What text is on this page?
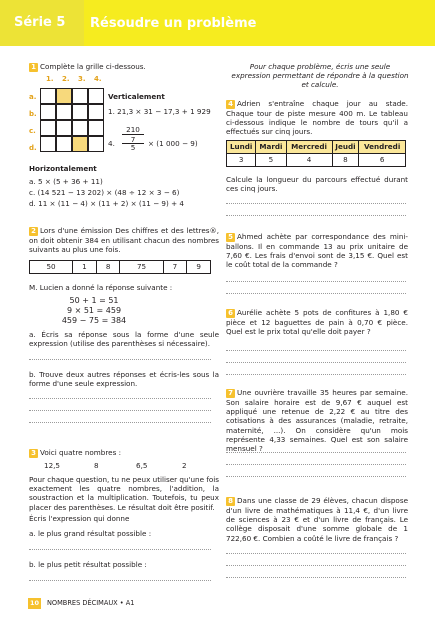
Série 5	Résoudre un problème
1 Complète la grille ci-dessous.
1. 2. 3. 4.
a.
b.
c.
d.
Verticalement
1. 21,3 × 31 − 17,3 + 1 929
4.
210
7
5	× (1 000 − 9)
Horizontalement
a. 5 × (5 + 36 + 11)
c. (14 521 − 13 202) × (48 ÷ 12 × 3 − 6)
d. 11 × (11 − 4) × (11 + 2) × (11 − 9) + 4
2 Lors d'une émission Des chiffres et des lettres®, on doit obtenir 384 en utilisant chacun des nombres suivants au plus une fois.
50	1	8	75	7	9
M. Lucien a donné la réponse suivante :
50 + 1 = 51
9 × 51 = 459
459 − 75 = 384
a. Écris sa réponse sous la forme d'une seule expression (utilise des parenthèses si nécessaire).
b. Trouve deux autres réponses et écris-les sous la forme d'une seule expression.
3 Voici quatre nombres :
12,5	8	6,5	2
Pour chaque question, tu ne peux utiliser qu'une fois exactement les quatre nombres, l'addition, la soustraction et la multiplication. Toutefois, tu peux placer des parenthèses. Le résultat doit être positif.
Écris l'expression qui donne
a. le plus grand résultat possible :
b. le plus petit résultat possible :
Pour chaque problème, écris une seule expression permettant de répondre à la question et calcule.
4 Adrien s'entraîne chaque jour au stade. Chaque tour de piste mesure 400 m. Le tableau ci-dessous indique le nombre de tours qu'il a effectués sur cinq jours.
Lundi	Mardi	Mercredi	Jeudi	Vendredi
3	5	4	8	6
Calcule la longueur du parcours effectué durant ces cinq jours.
5 Ahmed achète par correspondance des mini-ballons. Il en commande 13 au prix unitaire de 7,60 €. Les frais d'envoi sont de 3,15 €. Quel est le coût total de la commande ?
6 Aurélie achète 5 pots de confitures à 1,80 € pièce et 12 baguettes de pain à 0,70 € pièce. Quel est le prix total qu'elle doit payer ?
7 Une ouvrière travaille 35 heures par semaine. Son salaire horaire est de 9,67 € auquel est appliqué une retenue de 2,22 € au titre des cotisations à des assurances (maladie, retraite, maternité, ...). On considère qu'un mois représente 4,33 semaines. Quel est son salaire mensuel ?
8 Dans une classe de 29 élèves, chacun dispose d'un livre de mathématiques à 11,4 €, d'un livre de sciences à 23 € et d'un livre de français. Le collège disposait d'une somme globale de 1 722,60 €. Combien a coûté le livre de français ?
10	NOMBRES DÉCIMAUX • A1
